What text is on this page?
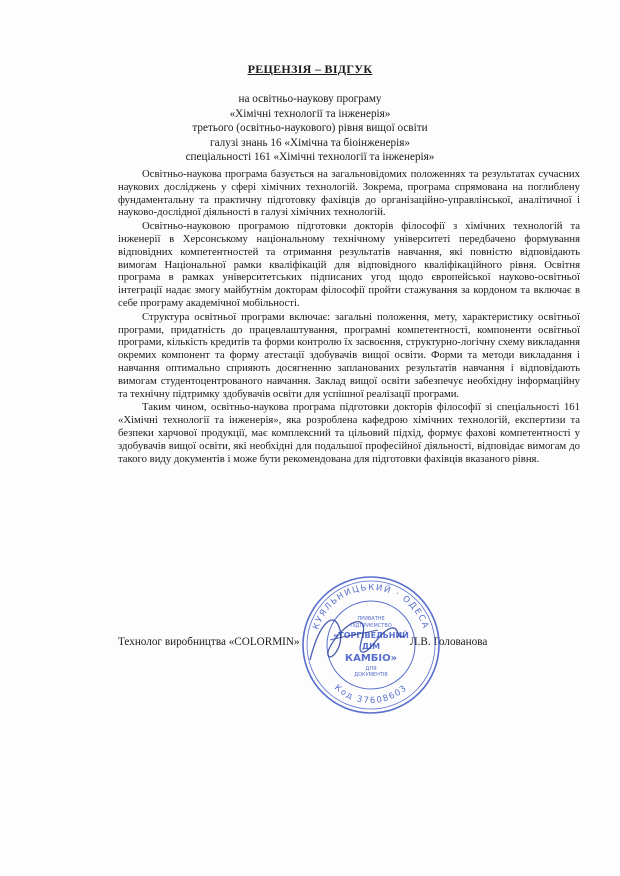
РЕЦЕНЗІЯ – ВІДГУК
на освітньо-наукову програму
«Хімічні технології та інженерія»
третього (освітньо-наукового) рівня вищої освіти
галузі знань 16 «Хімічна та біоінженерія»
спеціальності 161 «Хімічні технології та інженерія»

Освітньо-наукова програма базується на загальновідомих положеннях та результатах сучасних наукових досліджень у сфері хімічних технологій. Зокрема, програма спрямована на поглиблену фундаментальну та практичну підготовку фахівців до організаційно-управлінської, аналітичної і науково-дослідної діяльності в галузі хімічних технологій.

Освітньо-науковою програмою підготовки докторів філософії з хімічних технологій та інженерії в Херсонському національному технічному університеті передбачено формування відповідних компетентностей та отримання результатів навчання, які повністю відповідають вимогам Національної рамки кваліфікацій для відповідного кваліфікаційного рівня. Освітня програма в рамках університетських підписаних угод щодо європейської науково-освітньої інтеграції надає змогу майбутнім докторам філософії пройти стажування за кордоном та включає в себе програму академічної мобільності.

Структура освітньої програми включає: загальні положення, мету, характеристику освітньої програми, придатність до працевлаштування, програмні компетентності, компоненти освітньої програми, кількість кредитів та форми контролю їх засвоєння, структурно-логічну схему викладання окремих компонент та форму атестації здобувачів вищої освіти. Форми та методи викладання і навчання оптимально сприяють досягненню запланованих результатів навчання і відповідають вимогам студентоцентрованого навчання. Заклад вищої освіти забезпечує необхідну інформаційну та технічну підтримку здобувачів освіти для успішної реалізації програми.

Таким чином, освітньо-наукова програма підготовки докторів філософії зі спеціальності 161 «Хімічні технології та інженерія», яка розроблена кафедрою хімічних технологій, експертизи та безпеки харчової продукції, має комплексний та цільовий підхід, формує фахові компетентності у здобувачів вищої освіти, які необхідні для подальшої професійної діяльності, відповідає вимогам до такого виду документів і може бути рекомендована для підготовки фахівців вказаного рівня.

Технолог виробництва «COLORMIN»	Л.В. Голованова
КУЯЛЬНИЦЬКИЙ · ОДЕСА
Код 37608603
ПРИВАТНЕ
ПІДПРИЄМСТВО
«ТОРГІВЕЛЬНИЙ
ДІМ
КАМБІО»
ДЛЯ
ДОКУМЕНТІВ
